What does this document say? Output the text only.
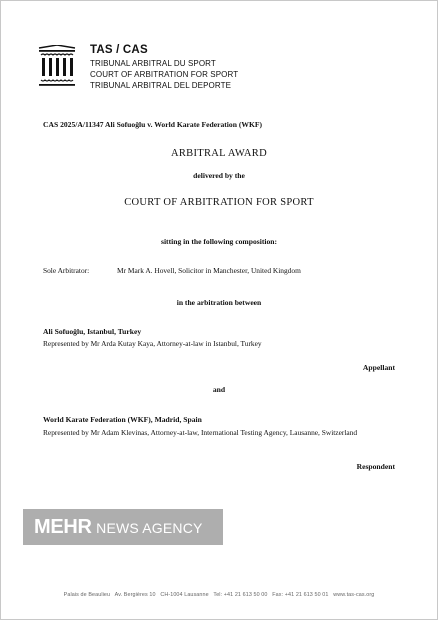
TAS / CAS
TRIBUNAL ARBITRAL DU SPORT
COURT OF ARBITRATION FOR SPORT
TRIBUNAL ARBITRAL DEL DEPORTE
CAS 2025/A/11347 Ali Sofuoğlu v. World Karate Federation (WKF)
ARBITRAL AWARD
delivered by the
COURT OF ARBITRATION FOR SPORT
sitting in the following composition:
Sole Arbitrator:	Mr Mark A. Hovell, Solicitor in Manchester, United Kingdom
in the arbitration between
Ali Sofuoğlu, Istanbul, Turkey
Represented by Mr Arda Kutay Kaya, Attorney-at-law in Istanbul, Turkey
Appellant
and
World Karate Federation (WKF), Madrid, Spain
Represented by Mr Adam Klevinas, Attorney-at-law, International Testing Agency, Lausanne, Switzerland
Respondent
MEHR NEWS AGENCY
Palais de Beaulieu   Av. Bergières 10   CH-1004 Lausanne   Tel: +41 21 613 50 00   Fax: +41 21 613 50 01   www.tas-cas.org
